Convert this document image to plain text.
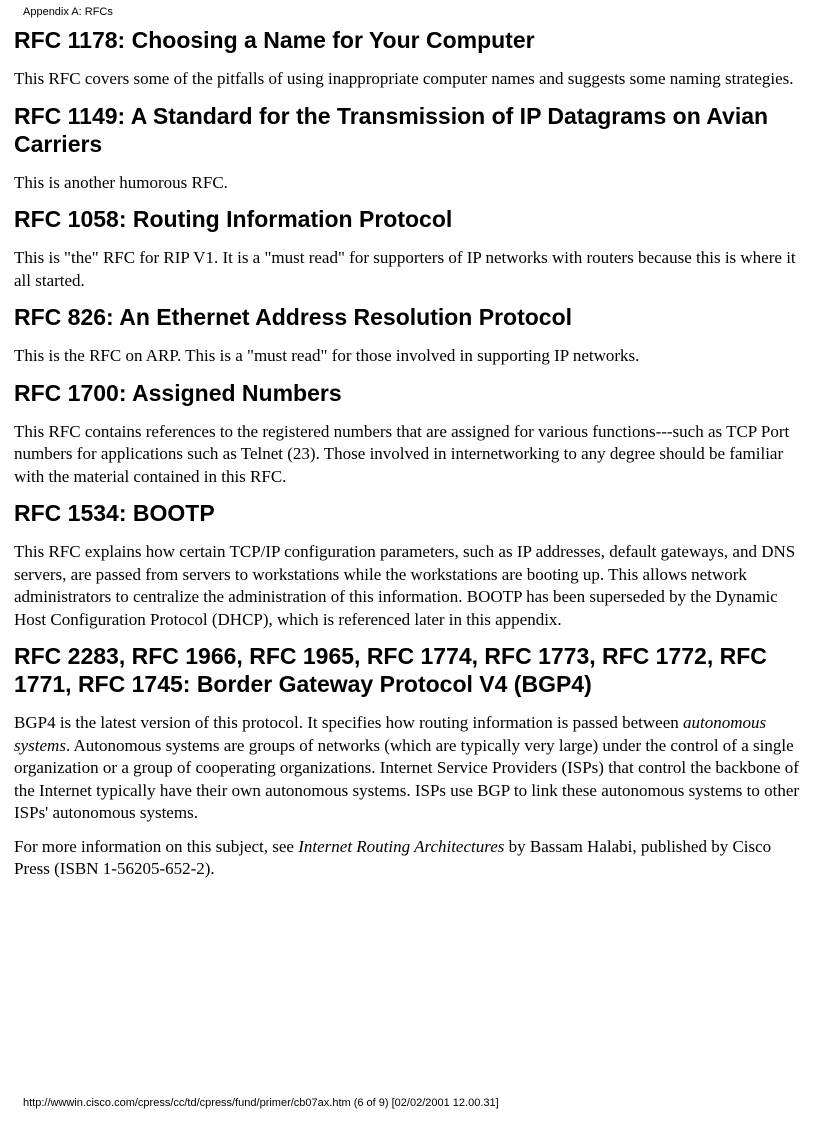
Appendix A: RFCs
RFC 1178: Choosing a Name for Your Computer

This RFC covers some of the pitfalls of using inappropriate computer names and suggests some naming strategies.

RFC 1149: A Standard for the Transmission of IP Datagrams on Avian Carriers

This is another humorous RFC.

RFC 1058: Routing Information Protocol

This is "the" RFC for RIP V1. It is a "must read" for supporters of IP networks with routers because this is where it all started.

RFC 826: An Ethernet Address Resolution Protocol

This is the RFC on ARP. This is a "must read" for those involved in supporting IP networks.

RFC 1700: Assigned Numbers

This RFC contains references to the registered numbers that are assigned for various functions---such as TCP Port numbers for applications such as Telnet (23). Those involved in internetworking to any degree should be familiar with the material contained in this RFC.

RFC 1534: BOOTP

This RFC explains how certain TCP/IP configuration parameters, such as IP addresses, default gateways, and DNS servers, are passed from servers to workstations while the workstations are booting up. This allows network administrators to centralize the administration of this information. BOOTP has been superseded by the Dynamic Host Configuration Protocol (DHCP), which is referenced later in this appendix.

RFC 2283, RFC 1966, RFC 1965, RFC 1774, RFC 1773, RFC 1772, RFC 1771, RFC 1745: Border Gateway Protocol V4 (BGP4)

BGP4 is the latest version of this protocol. It specifies how routing information is passed between autonomous systems. Autonomous systems are groups of networks (which are typically very large) under the control of a single organization or a group of cooperating organizations. Internet Service Providers (ISPs) that control the backbone of the Internet typically have their own autonomous systems. ISPs use BGP to link these autonomous systems to other ISPs' autonomous systems.

For more information on this subject, see Internet Routing Architectures by Bassam Halabi, published by Cisco Press (ISBN 1-56205-652-2).

http://wwwin.cisco.com/cpress/cc/td/cpress/fund/primer/cb07ax.htm (6 of 9) [02/02/2001 12.00.31]
